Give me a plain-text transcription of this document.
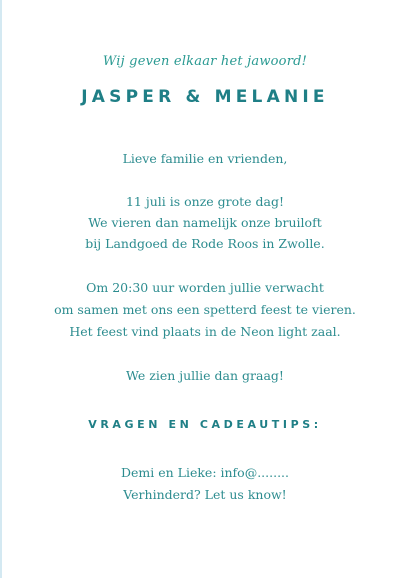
Wij geven elkaar het jawoord!
JASPER & MELANIE
Lieve familie en vrienden,
11 juli is onze grote dag!
We vieren dan namelijk onze bruiloft
bij Landgoed de Rode Roos in Zwolle.
Om 20:30 uur worden jullie verwacht
om samen met ons een spetterd feest te vieren.
Het feest vind plaats in de Neon light zaal.
We zien jullie dan graag!
VRAGEN EN CADEAUTIPS:
Demi en Lieke: info@........
Verhinderd? Let us know!
